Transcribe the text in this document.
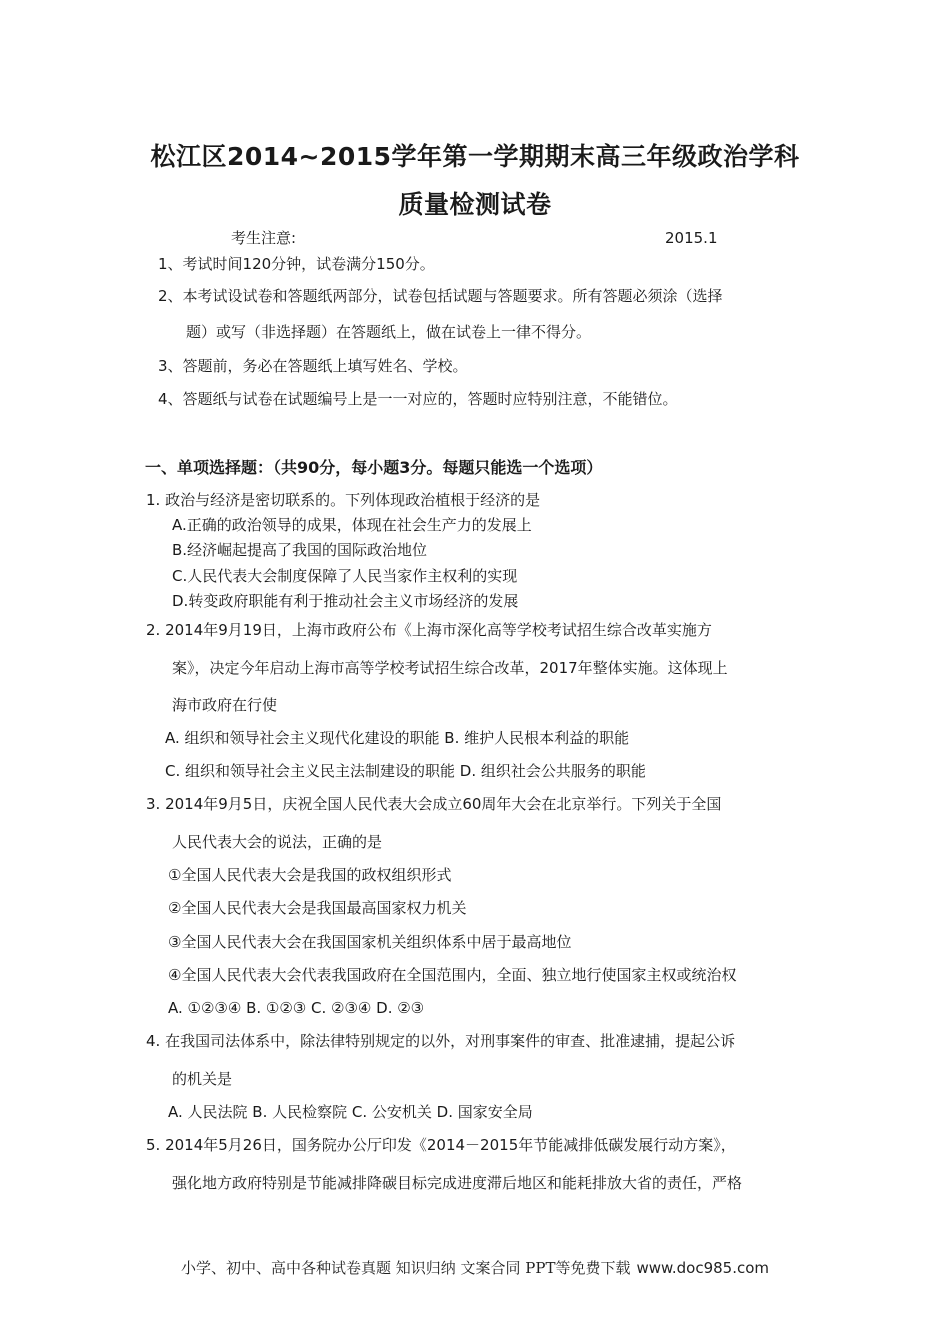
松江区2014~2015学年第一学期期末高三年级政治学科
质量检测试卷
考生注意:	2015.1
1、考试时间120分钟，试卷满分150分。
2、本考试设试卷和答题纸两部分，试卷包括试题与答题要求。所有答题必须涂（选择
题）或写（非选择题）在答题纸上，做在试卷上一律不得分。
3、答题前，务必在答题纸上填写姓名、学校。
4、答题纸与试卷在试题编号上是一一对应的，答题时应特别注意，不能错位。
一、单项选择题：（共90分，每小题3分。每题只能选一个选项）
1. 政治与经济是密切联系的。下列体现政治植根于经济的是
A.正确的政治领导的成果，体现在社会生产力的发展上
B.经济崛起提高了我国的国际政治地位
C.人民代表大会制度保障了人民当家作主权利的实现
D.转变政府职能有利于推动社会主义市场经济的发展
2. 2014年9月19日，上海市政府公布《上海市深化高等学校考试招生综合改革实施方
案》，决定今年启动上海市高等学校考试招生综合改革，2017年整体实施。这体现上
海市政府在行使
A. 组织和领导社会主义现代化建设的职能 B. 维护人民根本利益的职能
C. 组织和领导社会主义民主法制建设的职能 D. 组织社会公共服务的职能
3. 2014年9月5日，庆祝全国人民代表大会成立60周年大会在北京举行。下列关于全国
人民代表大会的说法，正确的是
①全国人民代表大会是我国的政权组织形式
②全国人民代表大会是我国最高国家权力机关
③全国人民代表大会在我国国家机关组织体系中居于最高地位
④全国人民代表大会代表我国政府在全国范围内，全面、独立地行使国家主权或统治权
A. ①②③④ B. ①②③ C. ②③④ D. ②③
4. 在我国司法体系中，除法律特别规定的以外，对刑事案件的审查、批准逮捕，提起公诉
的机关是
A. 人民法院 B. 人民检察院 C. 公安机关 D. 国家安全局
5. 2014年5月26日，国务院办公厅印发《2014－2015年节能减排低碳发展行动方案》，
强化地方政府特别是节能减排降碳目标完成进度滞后地区和能耗排放大省的责任，严格
小学、初中、高中各种试卷真题 知识归纳 文案合同 PPT等免费下载 www.doc985.com
